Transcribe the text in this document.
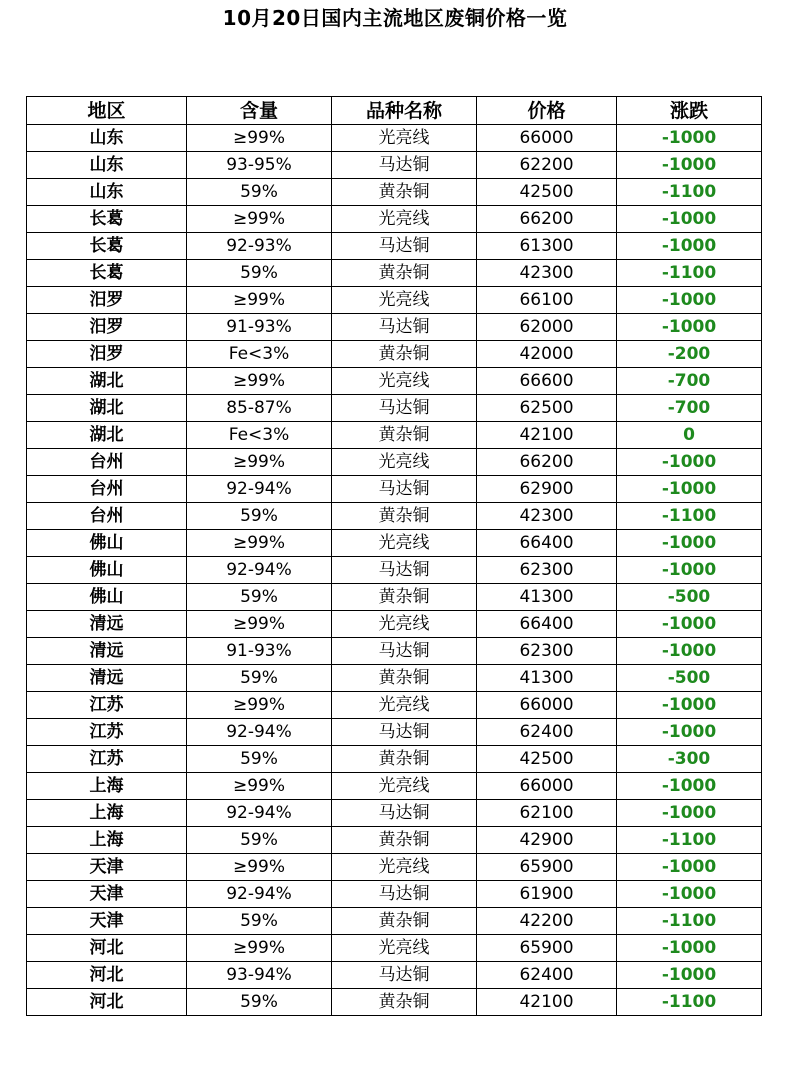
10月20日国内主流地区废铜价格一览
地区	含量	品种名称	价格	涨跌
山东	≥99%	光亮线	66000	-1000
山东	93-95%	马达铜	62200	-1000
山东	59%	黄杂铜	42500	-1100
长葛	≥99%	光亮线	66200	-1000
长葛	92-93%	马达铜	61300	-1000
长葛	59%	黄杂铜	42300	-1100
汨罗	≥99%	光亮线	66100	-1000
汨罗	91-93%	马达铜	62000	-1000
汨罗	Fe<3%	黄杂铜	42000	-200
湖北	≥99%	光亮线	66600	-700
湖北	85-87%	马达铜	62500	-700
湖北	Fe<3%	黄杂铜	42100	0
台州	≥99%	光亮线	66200	-1000
台州	92-94%	马达铜	62900	-1000
台州	59%	黄杂铜	42300	-1100
佛山	≥99%	光亮线	66400	-1000
佛山	92-94%	马达铜	62300	-1000
佛山	59%	黄杂铜	41300	-500
清远	≥99%	光亮线	66400	-1000
清远	91-93%	马达铜	62300	-1000
清远	59%	黄杂铜	41300	-500
江苏	≥99%	光亮线	66000	-1000
江苏	92-94%	马达铜	62400	-1000
江苏	59%	黄杂铜	42500	-300
上海	≥99%	光亮线	66000	-1000
上海	92-94%	马达铜	62100	-1000
上海	59%	黄杂铜	42900	-1100
天津	≥99%	光亮线	65900	-1000
天津	92-94%	马达铜	61900	-1000
天津	59%	黄杂铜	42200	-1100
河北	≥99%	光亮线	65900	-1000
河北	93-94%	马达铜	62400	-1000
河北	59%	黄杂铜	42100	-1100
